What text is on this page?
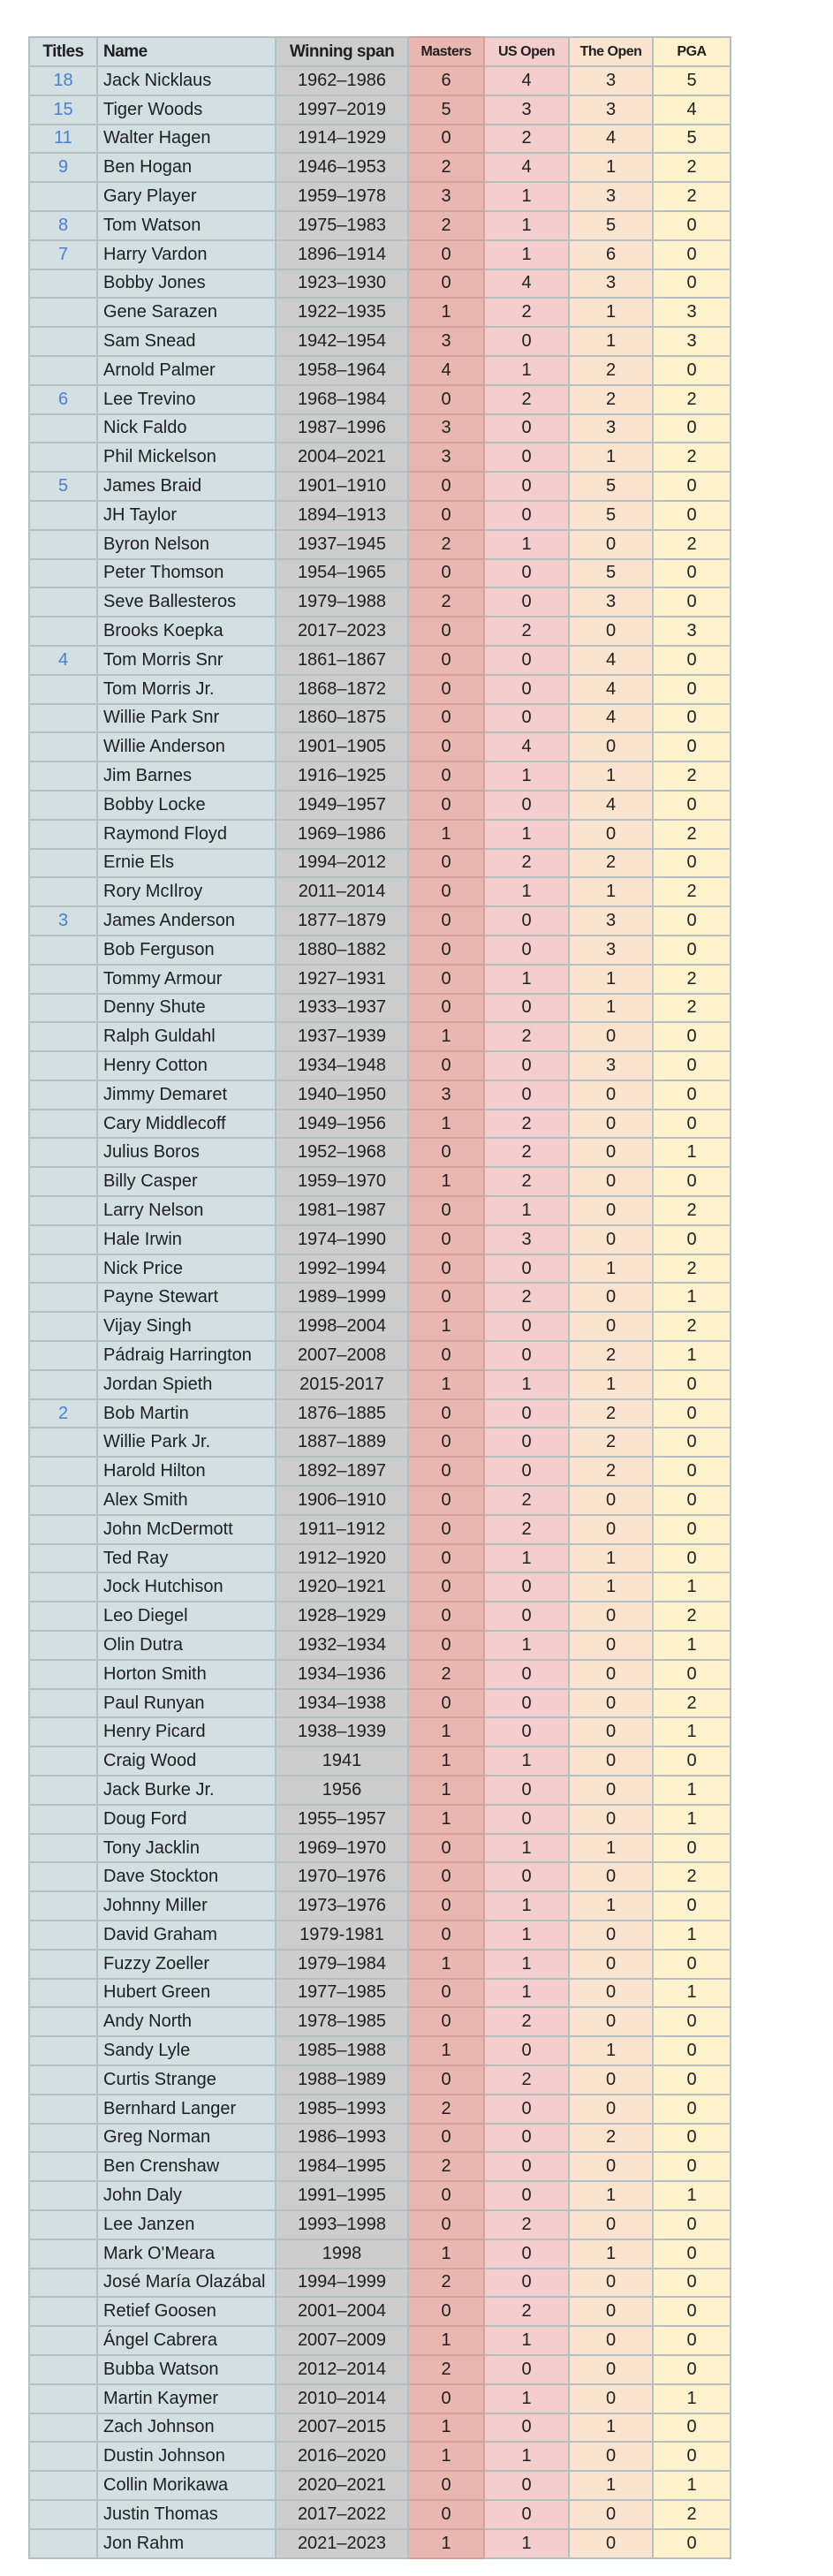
Titles	Name	Winning span	Masters	US Open	The Open	PGA
18	Jack Nicklaus	1962–1986	6	4	3	5
15	Tiger Woods	1997–2019	5	3	3	4
11	Walter Hagen	1914–1929	0	2	4	5
9	Ben Hogan	1946–1953	2	4	1	2
	Gary Player	1959–1978	3	1	3	2
8	Tom Watson	1975–1983	2	1	5	0
7	Harry Vardon	1896–1914	0	1	6	0
	Bobby Jones	1923–1930	0	4	3	0
	Gene Sarazen	1922–1935	1	2	1	3
	Sam Snead	1942–1954	3	0	1	3
	Arnold Palmer	1958–1964	4	1	2	0
6	Lee Trevino	1968–1984	0	2	2	2
	Nick Faldo	1987–1996	3	0	3	0
	Phil Mickelson	2004–2021	3	0	1	2
5	James Braid	1901–1910	0	0	5	0
	JH Taylor	1894–1913	0	0	5	0
	Byron Nelson	1937–1945	2	1	0	2
	Peter Thomson	1954–1965	0	0	5	0
	Seve Ballesteros	1979–1988	2	0	3	0
	Brooks Koepka	2017–2023	0	2	0	3
4	Tom Morris Snr	1861–1867	0	0	4	0
	Tom Morris Jr.	1868–1872	0	0	4	0
	Willie Park Snr	1860–1875	0	0	4	0
	Willie Anderson	1901–1905	0	4	0	0
	Jim Barnes	1916–1925	0	1	1	2
	Bobby Locke	1949–1957	0	0	4	0
	Raymond Floyd	1969–1986	1	1	0	2
	Ernie Els	1994–2012	0	2	2	0
	Rory McIlroy	2011–2014	0	1	1	2
3	James Anderson	1877–1879	0	0	3	0
	Bob Ferguson	1880–1882	0	0	3	0
	Tommy Armour	1927–1931	0	1	1	2
	Denny Shute	1933–1937	0	0	1	2
	Ralph Guldahl	1937–1939	1	2	0	0
	Henry Cotton	1934–1948	0	0	3	0
	Jimmy Demaret	1940–1950	3	0	0	0
	Cary Middlecoff	1949–1956	1	2	0	0
	Julius Boros	1952–1968	0	2	0	1
	Billy Casper	1959–1970	1	2	0	0
	Larry Nelson	1981–1987	0	1	0	2
	Hale Irwin	1974–1990	0	3	0	0
	Nick Price	1992–1994	0	0	1	2
	Payne Stewart	1989–1999	0	2	0	1
	Vijay Singh	1998–2004	1	0	0	2
	Pádraig Harrington	2007–2008	0	0	2	1
	Jordan Spieth	2015-2017	1	1	1	0
2	Bob Martin	1876–1885	0	0	2	0
	Willie Park Jr.	1887–1889	0	0	2	0
	Harold Hilton	1892–1897	0	0	2	0
	Alex Smith	1906–1910	0	2	0	0
	John McDermott	1911–1912	0	2	0	0
	Ted Ray	1912–1920	0	1	1	0
	Jock Hutchison	1920–1921	0	0	1	1
	Leo Diegel	1928–1929	0	0	0	2
	Olin Dutra	1932–1934	0	1	0	1
	Horton Smith	1934–1936	2	0	0	0
	Paul Runyan	1934–1938	0	0	0	2
	Henry Picard	1938–1939	1	0	0	1
	Craig Wood	1941	1	1	0	0
	Jack Burke Jr.	1956	1	0	0	1
	Doug Ford	1955–1957	1	0	0	1
	Tony Jacklin	1969–1970	0	1	1	0
	Dave Stockton	1970–1976	0	0	0	2
	Johnny Miller	1973–1976	0	1	1	0
	David Graham	1979-1981	0	1	0	1
	Fuzzy Zoeller	1979–1984	1	1	0	0
	Hubert Green	1977–1985	0	1	0	1
	Andy North	1978–1985	0	2	0	0
	Sandy Lyle	1985–1988	1	0	1	0
	Curtis Strange	1988–1989	0	2	0	0
	Bernhard Langer	1985–1993	2	0	0	0
	Greg Norman	1986–1993	0	0	2	0
	Ben Crenshaw	1984–1995	2	0	0	0
	John Daly	1991–1995	0	0	1	1
	Lee Janzen	1993–1998	0	2	0	0
	Mark O'Meara	1998	1	0	1	0
	José María Olazábal	1994–1999	2	0	0	0
	Retief Goosen	2001–2004	0	2	0	0
	Ángel Cabrera	2007–2009	1	1	0	0
	Bubba Watson	2012–2014	2	0	0	0
	Martin Kaymer	2010–2014	0	1	0	1
	Zach Johnson	2007–2015	1	0	1	0
	Dustin Johnson	2016–2020	1	1	0	0
	Collin Morikawa	2020–2021	0	0	1	1
	Justin Thomas	2017–2022	0	0	0	2
	Jon Rahm	2021–2023	1	1	0	0
